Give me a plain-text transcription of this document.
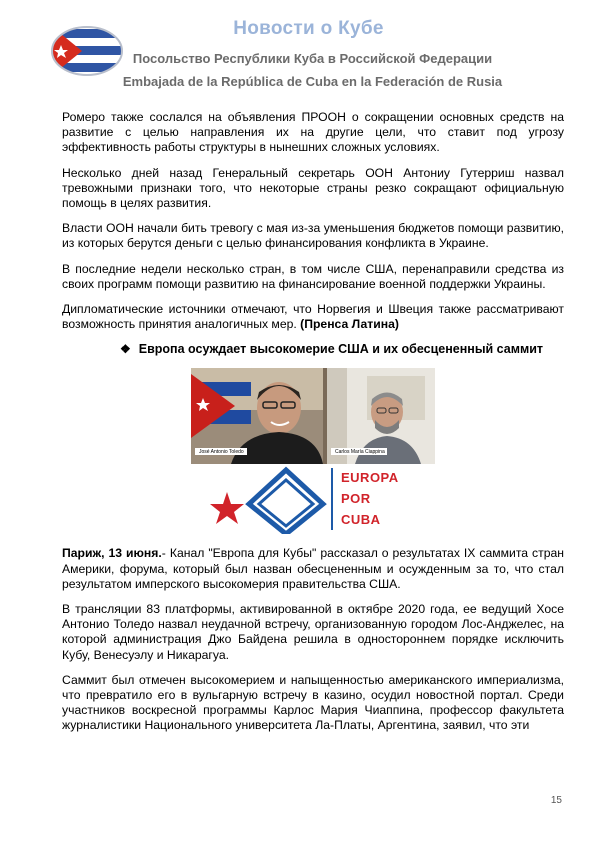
Новости о Кубе
Посольство Республики Куба в Российской Федерации
Embajada de la República de Cuba en la Federación de Rusia

Ромеро также сослался на объявления ПРООН о сокращении основных средств на развитие с целью направления их на другие цели, что ставит под угрозу эффективность работы структуры в нынешних сложных условиях.

Несколько дней назад Генеральный секретарь ООН Антониу Гутерриш назвал тревожными признаки того, что некоторые страны резко сокращают официальную помощь в целях развития.

Власти ООН начали бить тревогу с мая из-за уменьшения бюджетов помощи развитию, из которых берутся деньги с целью финансирования конфликта в Украине.

В последние недели несколько стран, в том числе США, перенаправили средства из своих программ помощи развитию на финансирование военной поддержки Украины.

Дипломатические источники отмечают, что Норвегия и Швеция также рассматривают возможность принятия аналогичных мер. (Пренса Латина)

❖ Европа осуждает высокомерие США и их обесцененный саммит
José Antonio Toledo	Carlos María Ciappina
EUROPA
POR
CUBA

Париж, 13 июня.- Канал "Европа для Кубы" рассказал о результатах IX саммита стран Америки, форума, который был назван обесцененным и осужденным за то, что стал результатом имперского высокомерия правительства США.

В трансляции 83 платформы, активированной в октябре 2020 года, ее ведущий Хосе Антонио Толедо назвал неудачной встречу, организованную городом Лос-Анджелес, на которой администрация Джо Байдена решила в одностороннем порядке исключить Кубу, Венесуэлу и Никарагуа.

Саммит был отмечен высокомерием и напыщенностью американского империализма, что превратило его в вульгарную встречу в казино, осудил новостной портал. Среди участников воскресной программы Карлос Мария Чиаппина, профессор факультета журналистики Национального университета Ла-Платы, Аргентина, заявил, что эти

15
